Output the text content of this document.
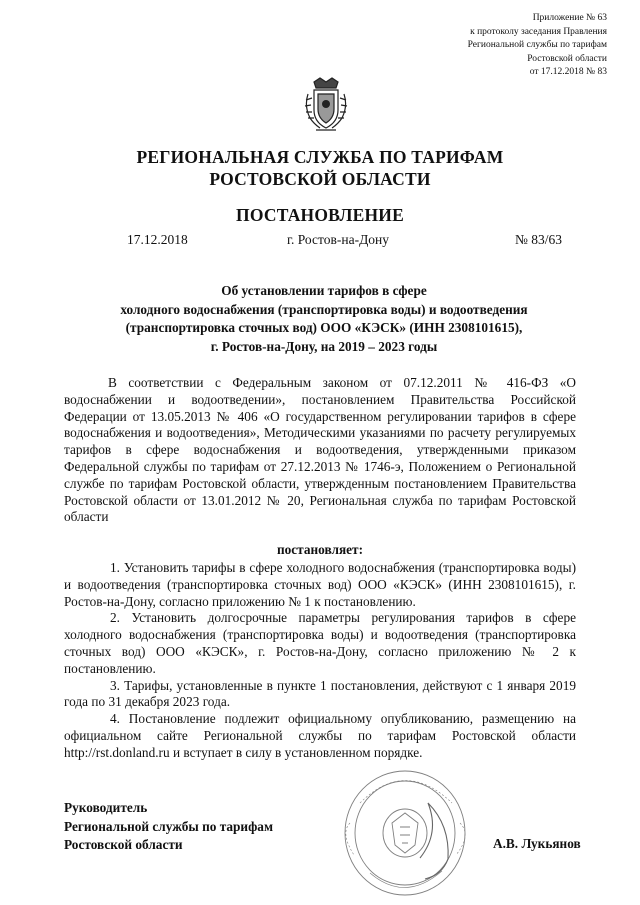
Приложение № 63
к протоколу заседания Правления
Региональной службы по тарифам
Ростовской области
от 17.12.2018 № 83
РЕГИОНАЛЬНАЯ СЛУЖБА ПО ТАРИФАМ
РОСТОВСКОЙ ОБЛАСТИ
ПОСТАНОВЛЕНИЕ
17.12.2018	г. Ростов-на-Дону	№ 83/63
Об установлении тарифов в сфере
холодного водоснабжения (транспортировка воды) и водоотведения
(транспортировка сточных вод) ООО «КЭСК» (ИНН 2308101615),
г. Ростов-на-Дону, на 2019 – 2023 годы
В соответствии с Федеральным законом от 07.12.2011 № 416-ФЗ «О водоснабжении и водоотведении», постановлением Правительства Российской Федерации от 13.05.2013 № 406 «О государственном регулировании тарифов в сфере водоснабжения и водоотведения», Методическими указаниями по расчету регулируемых тарифов в сфере водоснабжения и водоотведения, утвержденными приказом Федеральной службы по тарифам от 27.12.2013 № 1746-э, Положением о Региональной службе по тарифам Ростовской области, утвержденным постановлением Правительства Ростовской области от 13.01.2012 № 20, Региональная служба по тарифам Ростовской области
постановляет:

1. Установить тарифы в сфере холодного водоснабжения (транспортировка воды) и водоотведения (транспортировка сточных вод) ООО «КЭСК» (ИНН 2308101615), г. Ростов-на-Дону, согласно приложению № 1 к постановлению.

2. Установить долгосрочные параметры регулирования тарифов в сфере холодного водоснабжения (транспортировка воды) и водоотведения (транспортировка сточных вод) ООО «КЭСК», г. Ростов-на-Дону, согласно приложению № 2 к постановлению.

3. Тарифы, установленные в пункте 1 постановления, действуют с 1 января 2019 года по 31 декабря 2023 года.

4. Постановление подлежит официальному опубликованию, размещению на официальном сайте Региональной службы по тарифам Ростовской области http://rst.donland.ru и вступает в силу в установленном порядке.

Руководитель
Региональной службы по тарифам
Ростовской области	А.В. Лукьянов
